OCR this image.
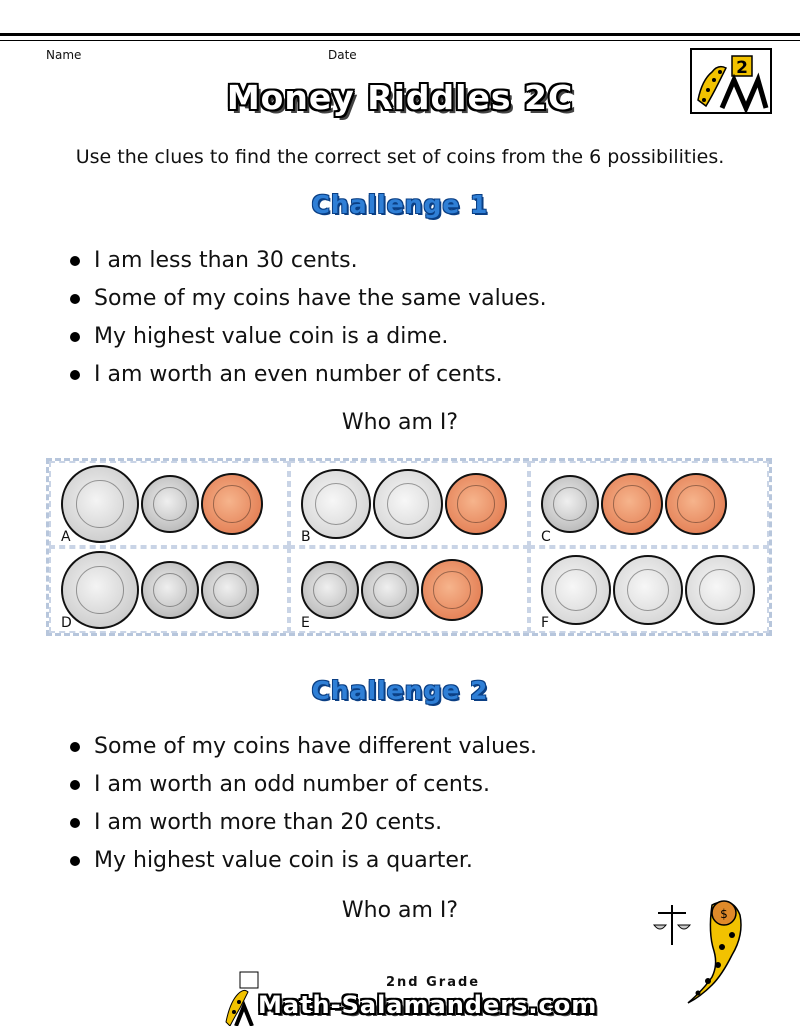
Name	Date
2
Money Riddles 2C
Use the clues to find the correct set of coins from the 6 possibilities.
Challenge 1
I am less than 30 cents.
Some of my coins have the same values.
My highest value coin is a dime.
I am worth an even number of cents.
Who am I?
A	B	C
D	E	F
Challenge 2
Some of my coins have different values.
I am worth an odd number of cents.
I am worth more than 20 cents.
My highest value coin is a quarter.
Who am I?	$
2nd Grade
Math-Salamanders.com
